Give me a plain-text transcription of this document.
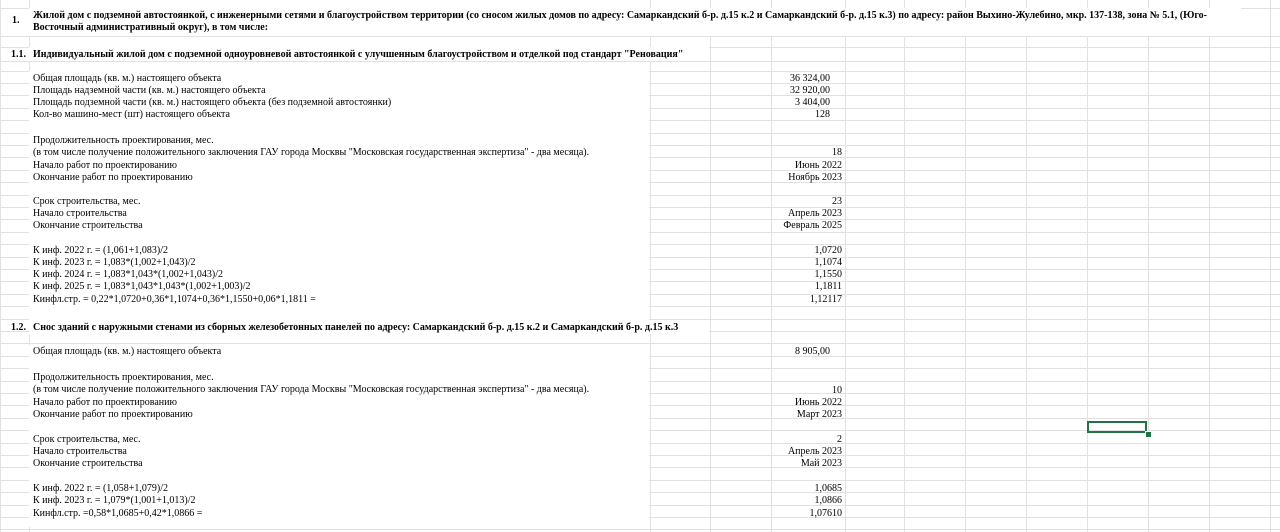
1. Жилой дом с подземной автостоянкой, с инженерными сетями и благоустройством территории (со сносом жилых домов по адресу: Самаркандский б-р. д.15 к.2 и Самаркандский б-р. д.15 к.3) по адресу: район Выхино-Жулебино, мкр. 137-138, зона № 5.1, (Юго-
Восточный административный округ), в том числе:
1.1. Индивидуальный жилой дом с подземной одноуровневой автостоянкой с улучшенным благоустройством и отделкой под стандарт "Реновация"
Общая площадь (кв. м.) настоящего объекта	36 324,00
Площадь надземной части (кв. м.) настоящего объекта	32 920,00
Площадь подземной части (кв. м.) настоящего объекта (без подземной автостоянки)	3 404,00
Кол-во машино-мест (шт) настоящего объекта	128
Продолжительность проектирования, мес.
(в том числе получение положительного заключения ГАУ города Москвы "Московская государственная экспертиза" - два месяца).	18
Начало работ по проектированию	Июнь 2022
Окончание работ по проектированию	Ноябрь 2023
Срок строительства, мес.	23
Начало строительства	Апрель 2023
Окончание строительства	Февраль 2025
К инф. 2022 г. = (1,061+1,083)/2	1,0720
К инф. 2023 г. = 1,083*(1,002+1,043)/2	1,1074
К инф. 2024 г. = 1,083*1,043*(1,002+1,043)/2	1,1550
К инф. 2025 г. = 1,083*1,043*1,043*(1,002+1,003)/2	1,1811
Кинфл.стр. = 0,22*1,0720+0,36*1,1074+0,36*1,1550+0,06*1,1811 =	1,12117
1.2. Снос зданий с наружными стенами из сборных железобетонных панелей по адресу: Самаркандский б-р. д.15 к.2 и Самаркандский б-р. д.15 к.3
Общая площадь (кв. м.) настоящего объекта	8 905,00
Продолжительность проектирования, мес.
(в том числе получение положительного заключения ГАУ города Москвы "Московская государственная экспертиза" - два месяца).	10
Начало работ по проектированию	Июнь 2022
Окончание работ по проектированию	Март 2023
Срок строительства, мес.	2
Начало строительства	Апрель 2023
Окончание строительства	Май 2023
К инф. 2022 г. = (1,058+1,079)/2	1,0685
К инф. 2023 г. = 1,079*(1,001+1,013)/2	1,0866
Кинфл.стр. =0,58*1,0685+0,42*1,0866 =	1,07610
